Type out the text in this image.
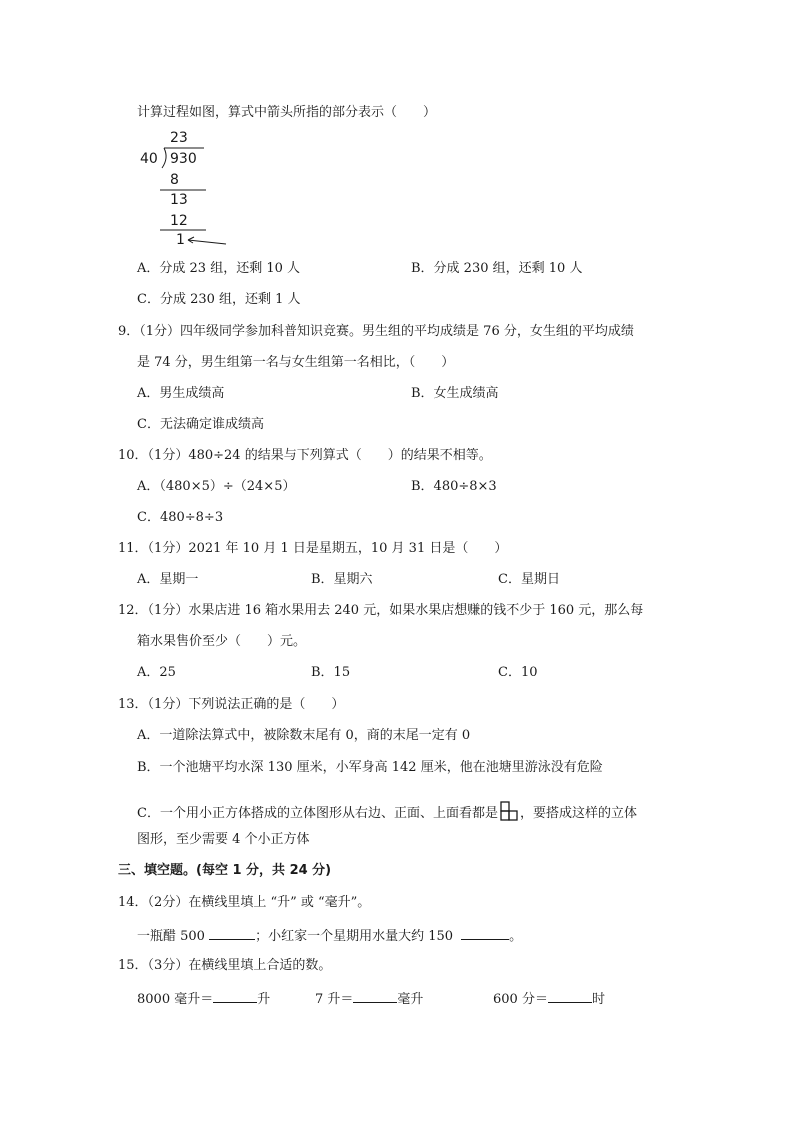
计算过程如图，算式中箭头所指的部分表示（　　）
23
40 930
8
13
12
1
A．分成 23 组，还剩 10 人	B．分成 230 组，还剩 10 人
C．分成 230 组，还剩 1 人
9．（1分）四年级同学参加科普知识竞赛。男生组的平均成绩是 76 分，女生组的平均成绩
是 74 分，男生组第一名与女生组第一名相比，（　　）
A．男生成绩高	B．女生成绩高
C．无法确定谁成绩高
10．（1分）480÷24 的结果与下列算式（　　）的结果不相等。
A．（480×5）÷（24×5）	B．480÷8×3
C．480÷8÷3
11．（1分）2021 年 10 月 1 日是星期五，10 月 31 日是（　　）
A．星期一	B．星期六	C．星期日
12．（1分）水果店进 16 箱水果用去 240 元，如果水果店想赚的钱不少于 160 元，那么每
箱水果售价至少（　　）元。
A．25	B．15	C．10
13．（1分）下列说法正确的是（　　）
A．一道除法算式中，被除数末尾有 0，商的末尾一定有 0
B．一个池塘平均水深 130 厘米，小军身高 142 厘米，他在池塘里游泳没有危险
C．一个用小正方体搭成的立体图形从右边、正面、上面看都是 ，要搭成这样的立体
图形，至少需要 4 个小正方体
三、填空题。(每空 1 分，共 24 分)
14．（2分）在横线里填上 “升” 或 “毫升”。
一瓶醋 500	；小红家一个星期用水量大约 150	。
15．（3分）在横线里填上合适的数。
8000 毫升＝	升	7 升＝	毫升	600 分＝	时
